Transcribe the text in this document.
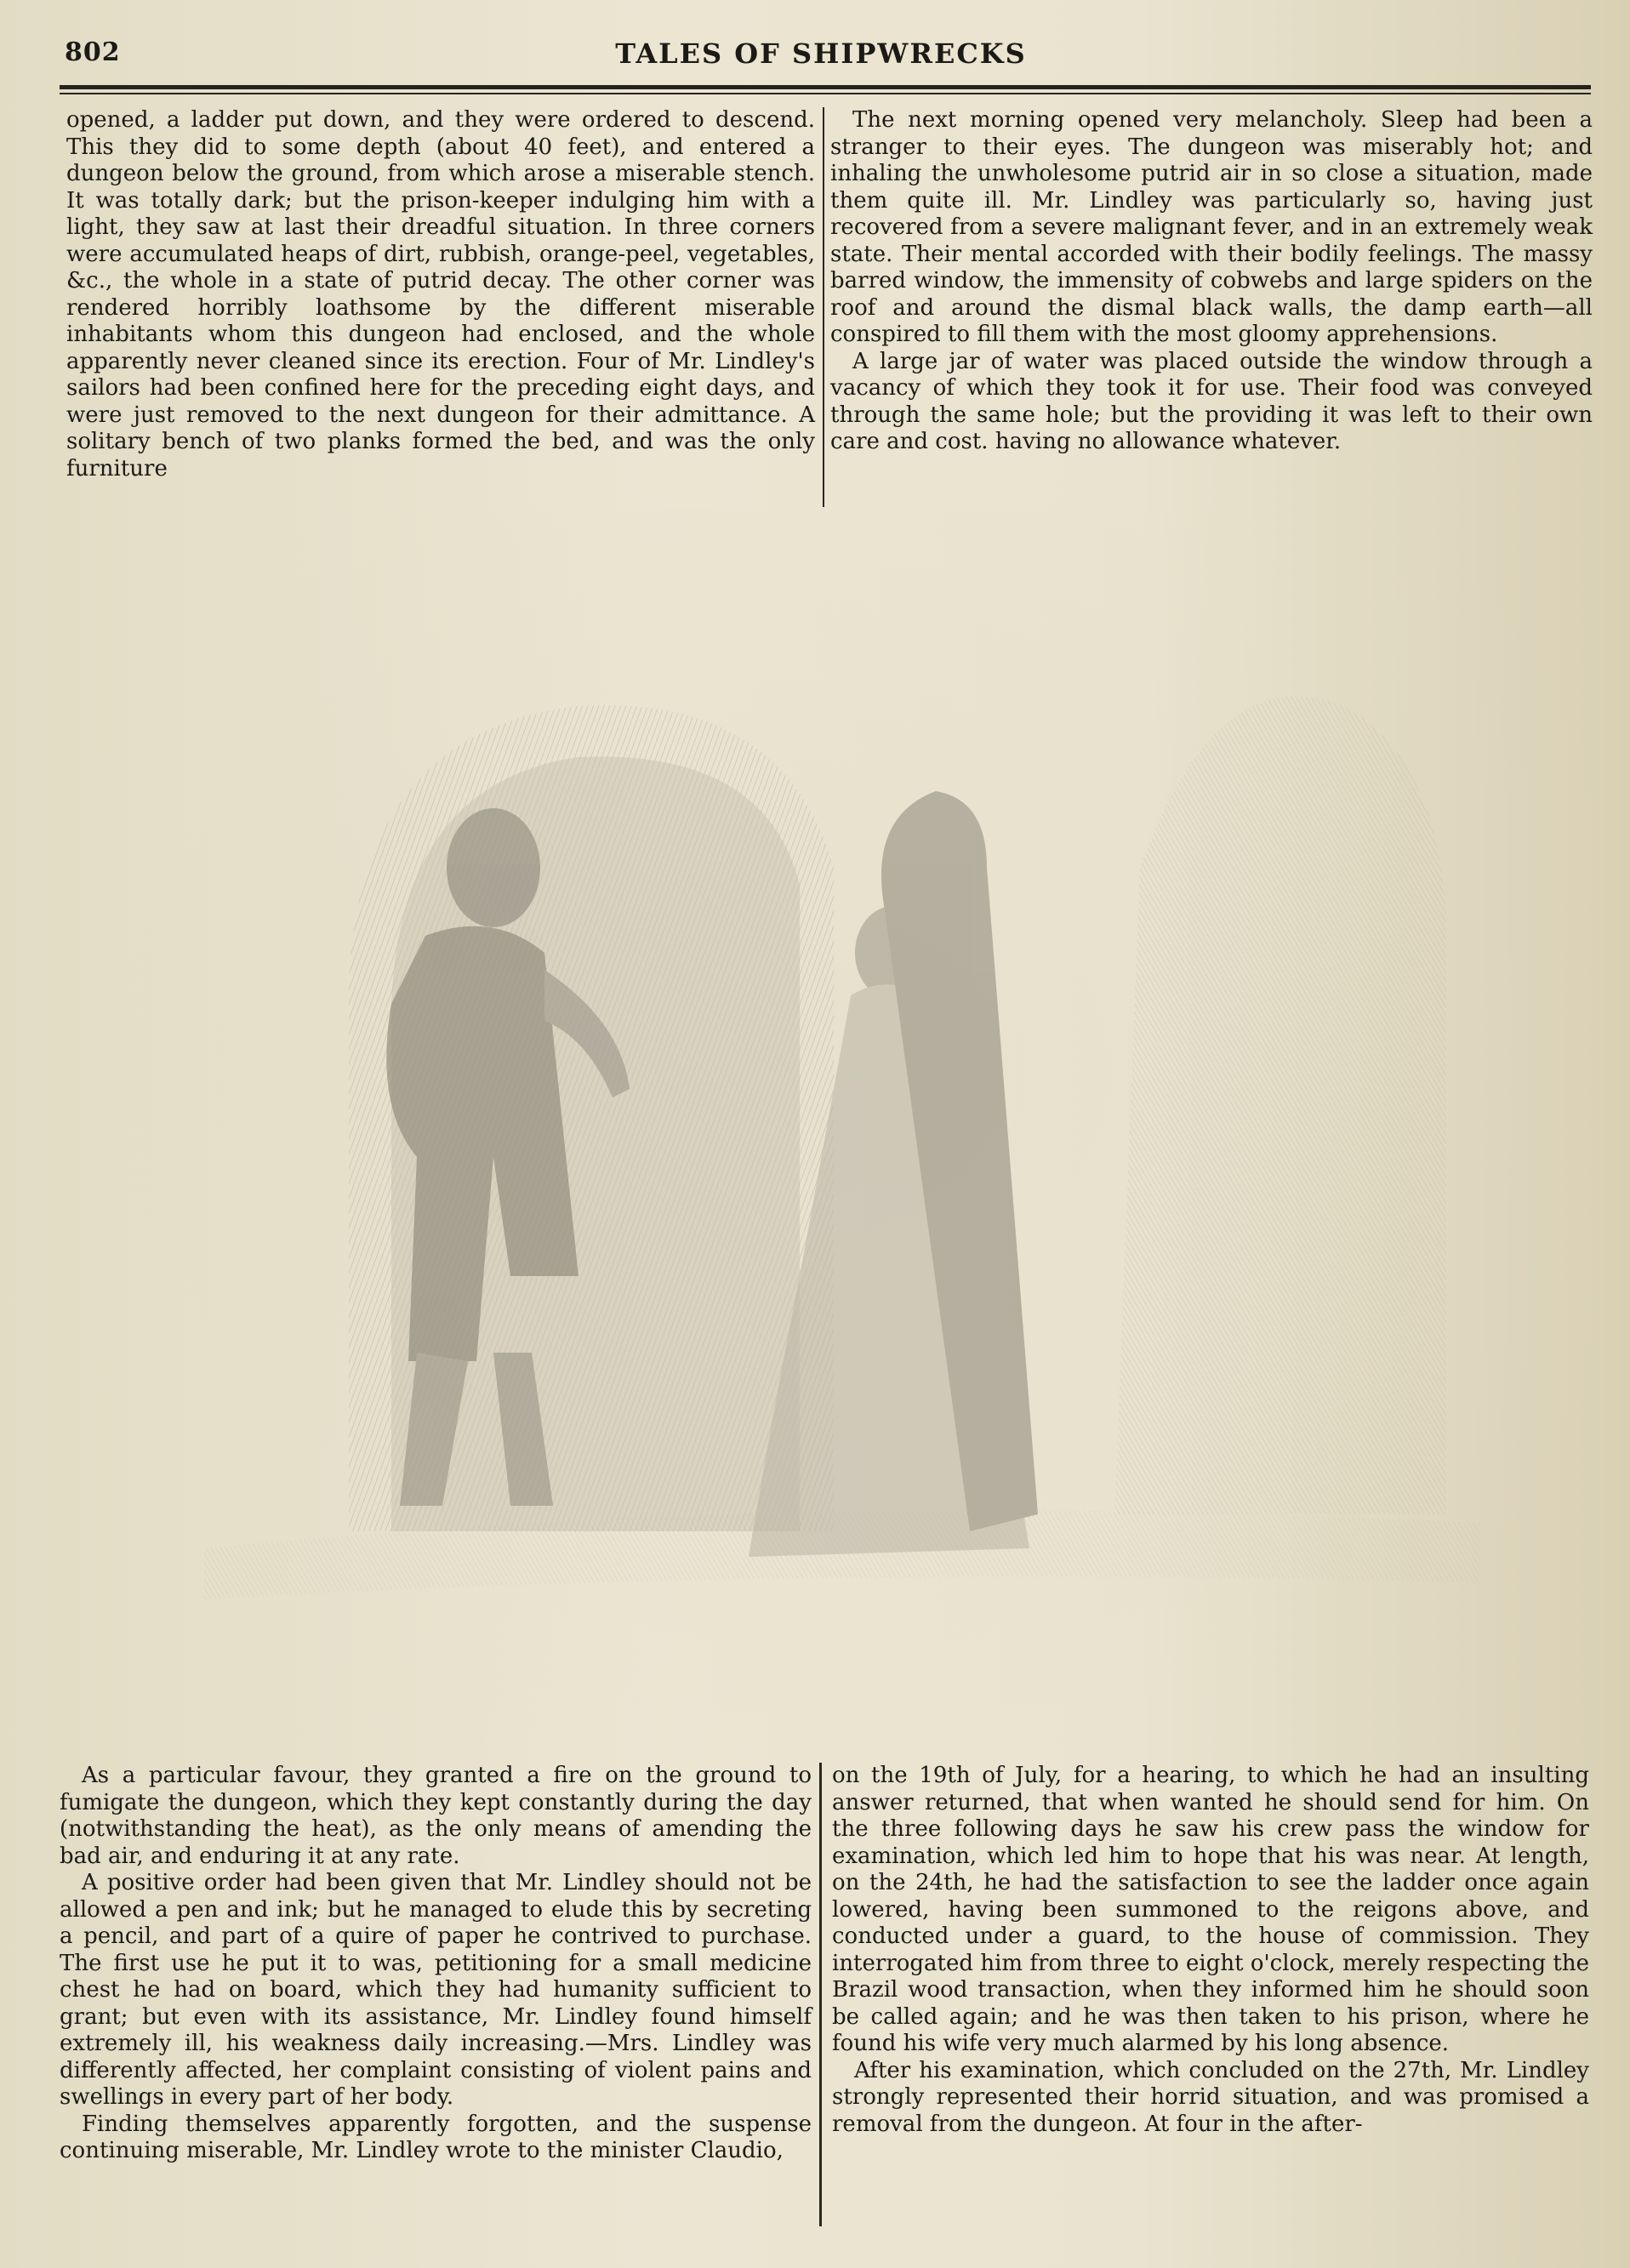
802	TALES OF SHIPWRECKS

opened, a ladder put down, and they were ordered to descend. This they did to some depth (about 40 feet), and entered a dungeon below the ground, from which arose a miserable stench. It was totally dark; but the prison-keeper indulging him with a light, they saw at last their dreadful situation. In three corners were accumulated heaps of dirt, rubbish, orange-peel, vegetables, &c., the whole in a state of putrid decay. The other corner was rendered horribly loathsome by the different miserable inhabitants whom this dungeon had enclosed, and the whole apparently never cleaned since its erection. Four of Mr. Lindley's sailors had been confined here for the preceding eight days, and were just removed to the next dungeon for their admittance. A solitary bench of two planks formed the bed, and was the only furniture

The next morning opened very melancholy. Sleep had been a stranger to their eyes. The dungeon was miserably hot; and inhaling the unwholesome putrid air in so close a situation, made them quite ill. Mr. Lindley was particularly so, having just recovered from a severe malignant fever, and in an extremely weak state. Their mental accorded with their bodily feelings. The massy barred window, the immensity of cobwebs and large spiders on the roof and around the dismal black walls, the damp earth—all conspired to fill them with the most gloomy apprehensions.

A large jar of water was placed outside the window through a vacancy of which they took it for use. Their food was conveyed through the same hole; but the providing it was left to their own care and cost. having no allowance whatever.

As a particular favour, they granted a fire on the ground to fumigate the dungeon, which they kept constantly during the day (notwithstanding the heat), as the only means of amending the bad air, and enduring it at any rate.

A positive order had been given that Mr. Lindley should not be allowed a pen and ink; but he managed to elude this by secreting a pencil, and part of a quire of paper he contrived to purchase. The first use he put it to was, petitioning for a small medicine chest he had on board, which they had humanity sufficient to grant; but even with its assistance, Mr. Lindley found himself extremely ill, his weakness daily increasing.—Mrs. Lindley was differently affected, her complaint consisting of violent pains and swellings in every part of her body.

Finding themselves apparently forgotten, and the suspense continuing miserable, Mr. Lindley wrote to the minister Claudio,

on the 19th of July, for a hearing, to which he had an insulting answer returned, that when wanted he should send for him. On the three following days he saw his crew pass the window for examination, which led him to hope that his was near. At length, on the 24th, he had the satisfaction to see the ladder once again lowered, having been summoned to the reigons above, and conducted under a guard, to the house of commission. They interrogated him from three to eight o'clock, merely respecting the Brazil wood transaction, when they informed him he should soon be called again; and he was then taken to his prison, where he found his wife very much alarmed by his long absence.

After his examination, which concluded on the 27th, Mr. Lindley strongly represented their horrid situation, and was promised a removal from the dungeon. At four in the after-
